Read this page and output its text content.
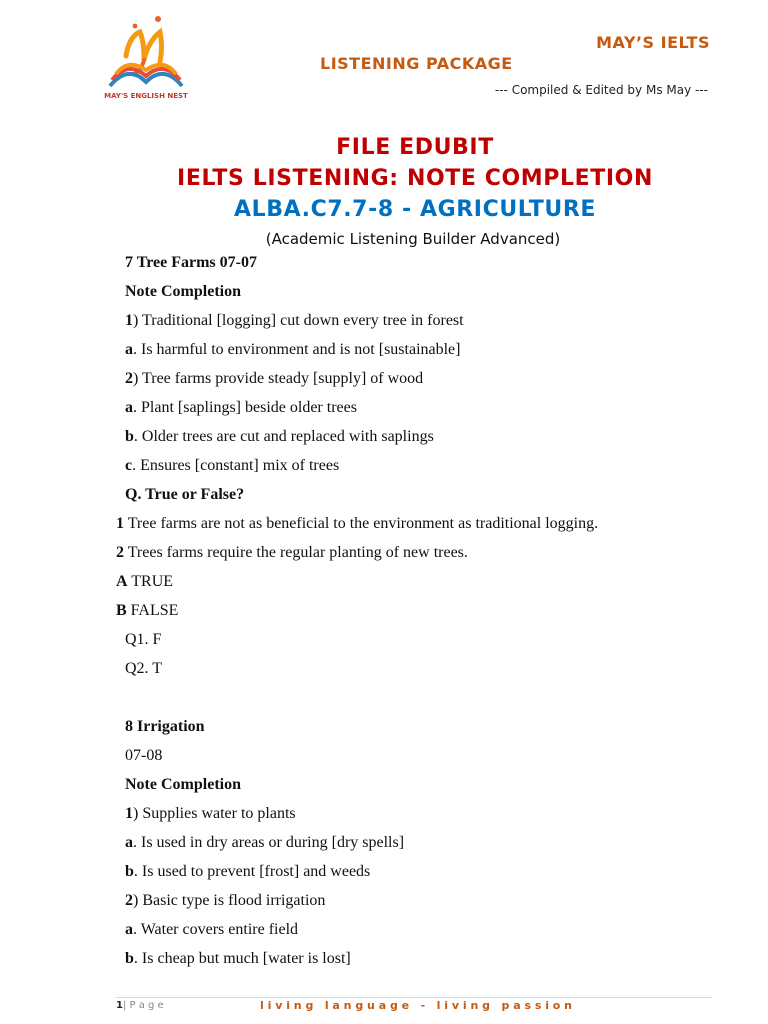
MAY'S ENGLISH NEST
MAY’S IELTS
LISTENING PACKAGE
--- Compiled & Edited by Ms May ---
FILE EDUBIT
IELTS LISTENING: NOTE COMPLETION
ALBA.C7.7-8 - AGRICULTURE
(Academic Listening Builder Advanced)
7 Tree Farms 07-07
Note Completion
1) Traditional [logging] cut down every tree in forest
a. Is harmful to environment and is not [sustainable]
2) Tree farms provide steady [supply] of wood
a. Plant [saplings] beside older trees
b. Older trees are cut and replaced with saplings
c. Ensures [constant] mix of trees
Q. True or False?
1 Tree farms are not as beneficial to the environment as traditional logging.
2 Trees farms require the regular planting of new trees.
A TRUE
B FALSE
Q1. F
Q2. T
8 Irrigation
07-08
Note Completion
1) Supplies water to plants
a. Is used in dry areas or during [dry spells]
b. Is used to prevent [frost] and weeds
2) Basic type is flood irrigation
a. Water covers entire field
b. Is cheap but much [water is lost]
1| P a g e	l i v i n g   l a n g u a g e   -   l i v i n g   p a s s i o n
